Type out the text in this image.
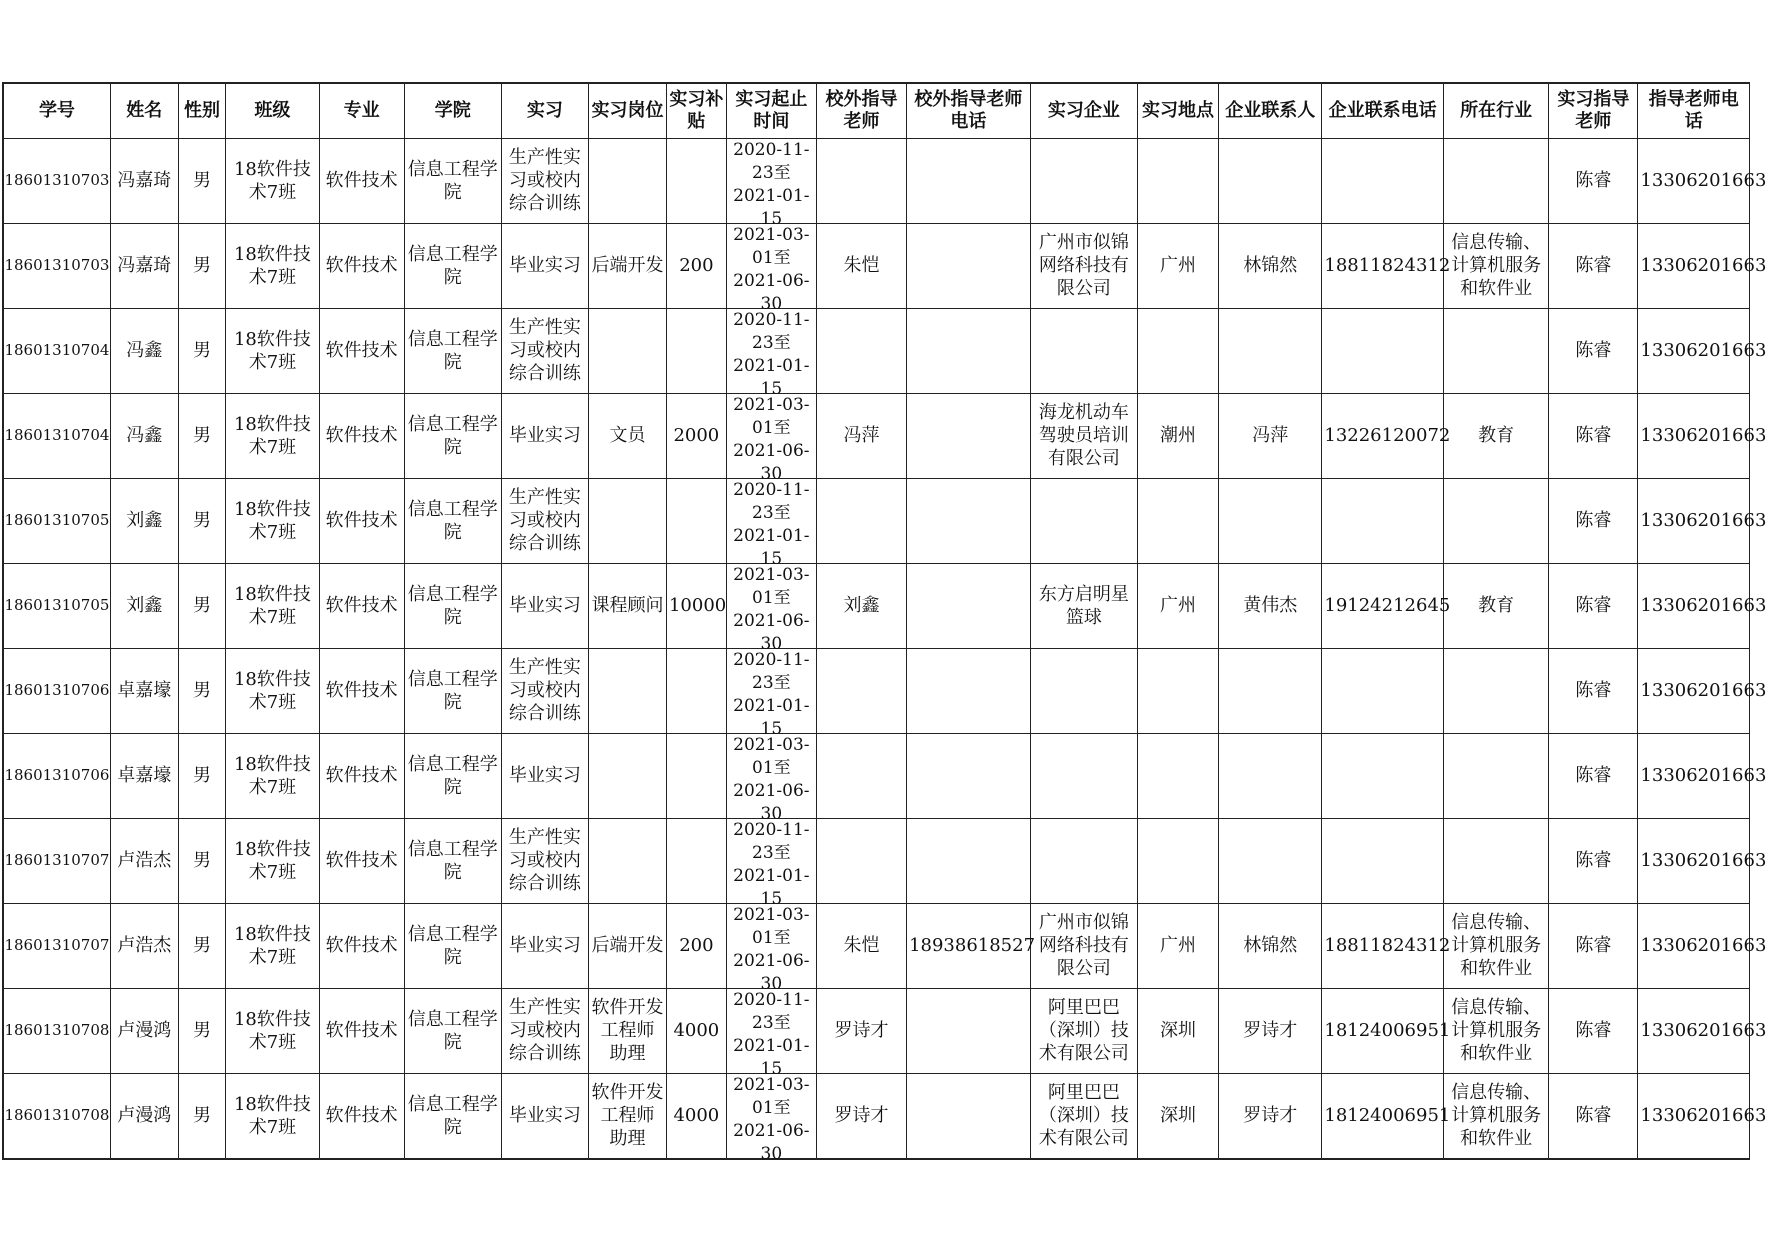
学号	姓名	性别	班级	专业	学院	实习	实习岗位	实习补贴	实习起止时间	校外指导老师	校外指导老师电话	实习企业	实习地点	企业联系人	企业联系电话	所在行业	实习指导老师	指导老师电话
18601310703	冯嘉琦	男	18软件技术7班	软件技术	信息工程学院	生产性实习或校内综合训练			2020-11-23至2021-01-15								陈睿	13306201663
18601310703	冯嘉琦	男	18软件技术7班	软件技术	信息工程学院	毕业实习	后端开发	200	2021-03-01至2021-06-30	朱恺		广州市似锦网络科技有限公司	广州	林锦然	18811824312	信息传输、计算机服务和软件业	陈睿	13306201663
18601310704	冯鑫	男	18软件技术7班	软件技术	信息工程学院	生产性实习或校内综合训练			2020-11-23至2021-01-15								陈睿	13306201663
18601310704	冯鑫	男	18软件技术7班	软件技术	信息工程学院	毕业实习	文员	2000	2021-03-01至2021-06-30	冯萍		海龙机动车驾驶员培训有限公司	潮州	冯萍	13226120072	教育	陈睿	13306201663
18601310705	刘鑫	男	18软件技术7班	软件技术	信息工程学院	生产性实习或校内综合训练			2020-11-23至2021-01-15								陈睿	13306201663
18601310705	刘鑫	男	18软件技术7班	软件技术	信息工程学院	毕业实习	课程顾问	10000	2021-03-01至2021-06-30	刘鑫		东方启明星篮球	广州	黄伟杰	19124212645	教育	陈睿	13306201663
18601310706	卓嘉壕	男	18软件技术7班	软件技术	信息工程学院	生产性实习或校内综合训练			2020-11-23至2021-01-15								陈睿	13306201663
18601310706	卓嘉壕	男	18软件技术7班	软件技术	信息工程学院	毕业实习			2021-03-01至2021-06-30								陈睿	13306201663
18601310707	卢浩杰	男	18软件技术7班	软件技术	信息工程学院	生产性实习或校内综合训练			2020-11-23至2021-01-15								陈睿	13306201663
18601310707	卢浩杰	男	18软件技术7班	软件技术	信息工程学院	毕业实习	后端开发	200	2021-03-01至2021-06-30	朱恺	18938618527	广州市似锦网络科技有限公司	广州	林锦然	18811824312	信息传输、计算机服务和软件业	陈睿	13306201663
18601310708	卢漫鸿	男	18软件技术7班	软件技术	信息工程学院	生产性实习或校内综合训练	软件开发工程师 助理	4000	2020-11-23至2021-01-15	罗诗才		阿里巴巴（深圳）技术有限公司	深圳	罗诗才	18124006951	信息传输、计算机服务和软件业	陈睿	13306201663
18601310708	卢漫鸿	男	18软件技术7班	软件技术	信息工程学院	毕业实习	软件开发工程师 助理	4000	2021-03-01至2021-06-30	罗诗才		阿里巴巴（深圳）技术有限公司	深圳	罗诗才	18124006951	信息传输、计算机服务和软件业	陈睿	13306201663
